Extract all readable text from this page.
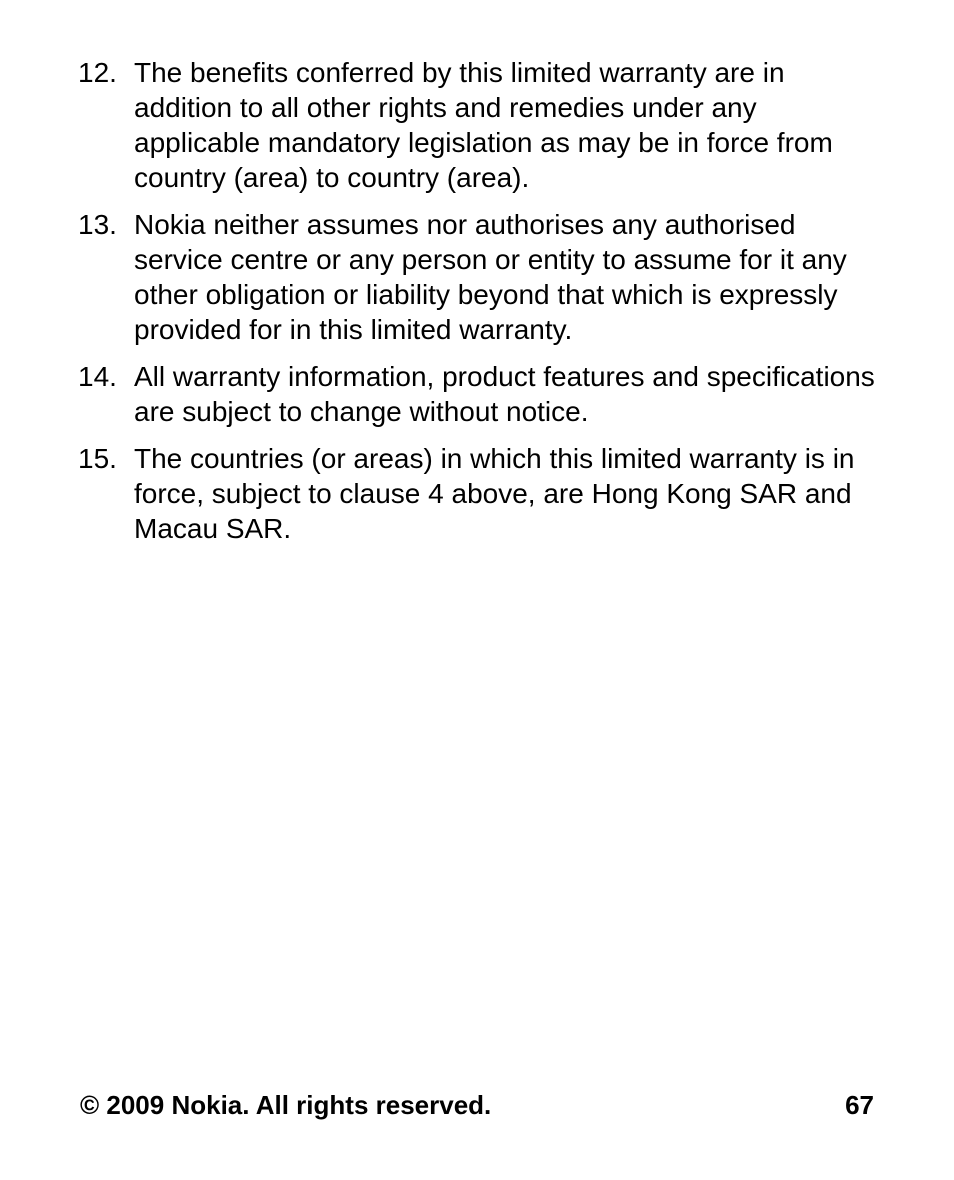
12. The benefits conferred by this limited warranty are in addition to all other rights and remedies under any applicable mandatory legislation as may be in force from country (area) to country (area).
13. Nokia neither assumes nor authorises any authorised service centre or any person or entity to assume for it any other obligation or liability beyond that which is expressly provided for in this limited warranty.
14. All warranty information, product features and specifications are subject to change without notice.
15. The countries (or areas) in which this limited warranty is in force, subject to clause 4 above, are Hong Kong SAR and Macau SAR.
© 2009 Nokia. All rights reserved.	67
